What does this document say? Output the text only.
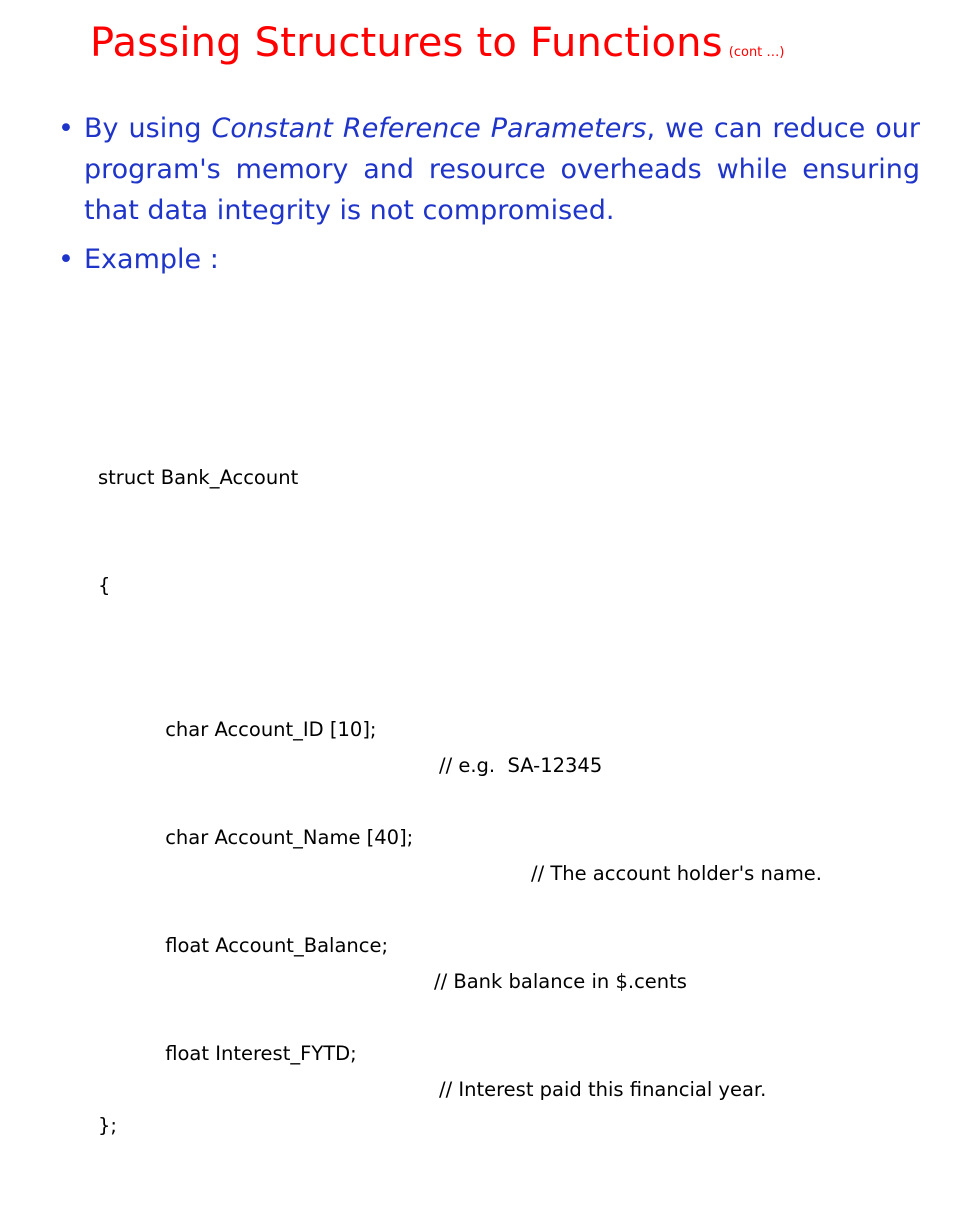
Passing Structures to Functions (cont …)
• By using Constant Reference Parameters, we can reduce our program's memory and resource overheads while ensuring that data integrity is not compromised.
• Example :

struct Bank_Account

{

char Account_ID [10];

// e.g.  SA-12345

char Account_Name [40];

// The account holder's name.

float Account_Balance;

// Bank balance in $.cents

float Interest_FYTD;

// Interest paid this financial year.

};
